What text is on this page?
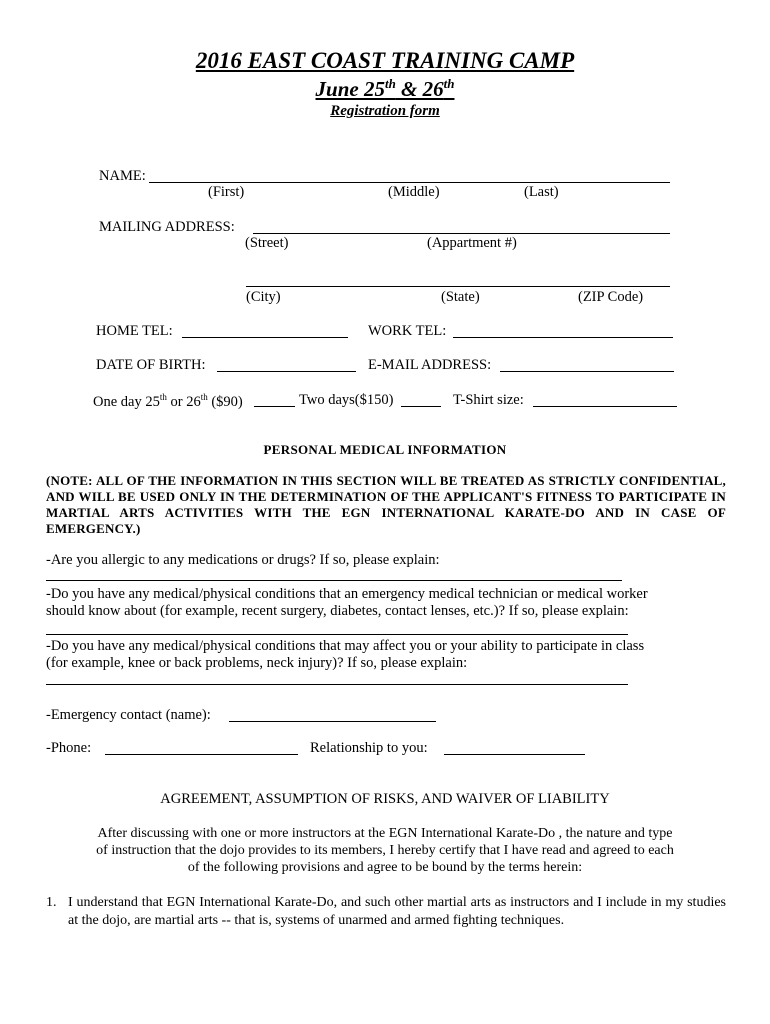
2016 EAST COAST TRAINING CAMP
June 25th & 26th
Registration form
NAME:
(First)	(Middle)	(Last)
MAILING ADDRESS:
(Street)	(Appartment #)
(City)	(State)	(ZIP Code)
HOME TEL:	WORK TEL:
DATE OF BIRTH:	E-MAIL ADDRESS:
One day 25th or 26th ($90)	Two days($150)	T-Shirt size:
PERSONAL MEDICAL INFORMATION
(NOTE: ALL OF THE INFORMATION IN THIS SECTION WILL BE TREATED AS STRICTLY CONFIDENTIAL, AND WILL BE USED ONLY IN THE DETERMINATION OF THE APPLICANT'S FITNESS TO PARTICIPATE IN MARTIAL ARTS ACTIVITIES WITH THE EGN INTERNATIONAL KARATE-DO AND IN CASE OF EMERGENCY.)
-Are you allergic to any medications or drugs? If so, please explain:
-Do you have any medical/physical conditions that an emergency medical technician or medical worker
should know about (for example, recent surgery, diabetes, contact lenses, etc.)? If so, please explain:
-Do you have any medical/physical conditions that may affect you or your ability to participate in class
(for example, knee or back problems, neck injury)? If so, please explain:
-Emergency contact (name):
-Phone:	Relationship to you:
AGREEMENT, ASSUMPTION OF RISKS, AND WAIVER OF LIABILITY
After discussing with one or more instructors at the EGN International Karate-Do , the nature and type
of instruction that the dojo provides to its members, I hereby certify that I have read and agreed to each
of the following provisions and agree to be bound by the terms herein:
1. I understand that EGN International Karate-Do, and such other martial arts as instructors and I include in my studies at the dojo, are martial arts -- that is, systems of unarmed and armed fighting techniques.
